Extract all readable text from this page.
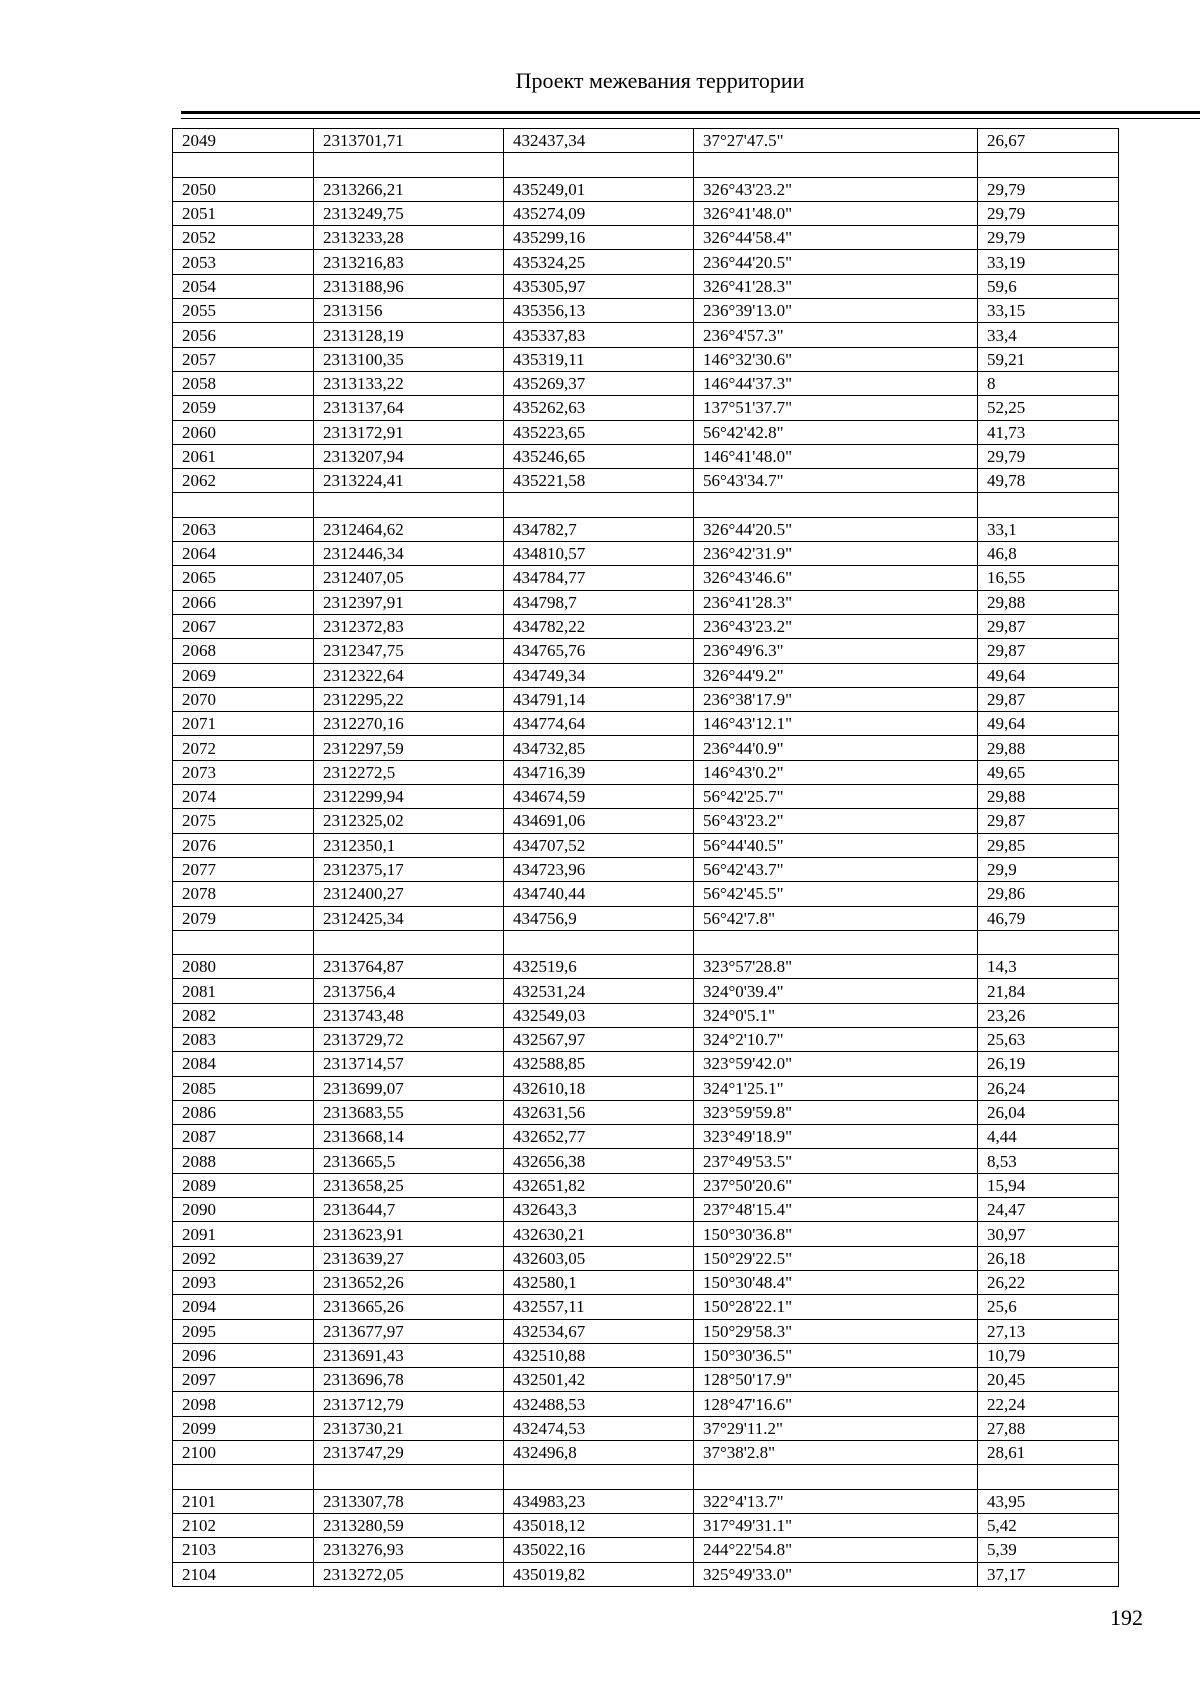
Проект межевания территории
2049	2313701,71	432437,34	37°27'47.5"	26,67

2050	2313266,21	435249,01	326°43'23.2"	29,79
2051	2313249,75	435274,09	326°41'48.0"	29,79
2052	2313233,28	435299,16	326°44'58.4"	29,79
2053	2313216,83	435324,25	236°44'20.5"	33,19
2054	2313188,96	435305,97	326°41'28.3"	59,6
2055	2313156	435356,13	236°39'13.0"	33,15
2056	2313128,19	435337,83	236°4'57.3"	33,4
2057	2313100,35	435319,11	146°32'30.6"	59,21
2058	2313133,22	435269,37	146°44'37.3"	8
2059	2313137,64	435262,63	137°51'37.7"	52,25
2060	2313172,91	435223,65	56°42'42.8"	41,73
2061	2313207,94	435246,65	146°41'48.0"	29,79
2062	2313224,41	435221,58	56°43'34.7"	49,78

2063	2312464,62	434782,7	326°44'20.5"	33,1
2064	2312446,34	434810,57	236°42'31.9"	46,8
2065	2312407,05	434784,77	326°43'46.6"	16,55
2066	2312397,91	434798,7	236°41'28.3"	29,88
2067	2312372,83	434782,22	236°43'23.2"	29,87
2068	2312347,75	434765,76	236°49'6.3"	29,87
2069	2312322,64	434749,34	326°44'9.2"	49,64
2070	2312295,22	434791,14	236°38'17.9"	29,87
2071	2312270,16	434774,64	146°43'12.1"	49,64
2072	2312297,59	434732,85	236°44'0.9"	29,88
2073	2312272,5	434716,39	146°43'0.2"	49,65
2074	2312299,94	434674,59	56°42'25.7"	29,88
2075	2312325,02	434691,06	56°43'23.2"	29,87
2076	2312350,1	434707,52	56°44'40.5"	29,85
2077	2312375,17	434723,96	56°42'43.7"	29,9
2078	2312400,27	434740,44	56°42'45.5"	29,86
2079	2312425,34	434756,9	56°42'7.8"	46,79

2080	2313764,87	432519,6	323°57'28.8"	14,3
2081	2313756,4	432531,24	324°0'39.4"	21,84
2082	2313743,48	432549,03	324°0'5.1"	23,26
2083	2313729,72	432567,97	324°2'10.7"	25,63
2084	2313714,57	432588,85	323°59'42.0"	26,19
2085	2313699,07	432610,18	324°1'25.1"	26,24
2086	2313683,55	432631,56	323°59'59.8"	26,04
2087	2313668,14	432652,77	323°49'18.9"	4,44
2088	2313665,5	432656,38	237°49'53.5"	8,53
2089	2313658,25	432651,82	237°50'20.6"	15,94
2090	2313644,7	432643,3	237°48'15.4"	24,47
2091	2313623,91	432630,21	150°30'36.8"	30,97
2092	2313639,27	432603,05	150°29'22.5"	26,18
2093	2313652,26	432580,1	150°30'48.4"	26,22
2094	2313665,26	432557,11	150°28'22.1"	25,6
2095	2313677,97	432534,67	150°29'58.3"	27,13
2096	2313691,43	432510,88	150°30'36.5"	10,79
2097	2313696,78	432501,42	128°50'17.9"	20,45
2098	2313712,79	432488,53	128°47'16.6"	22,24
2099	2313730,21	432474,53	37°29'11.2"	27,88
2100	2313747,29	432496,8	37°38'2.8"	28,61

2101	2313307,78	434983,23	322°4'13.7"	43,95
2102	2313280,59	435018,12	317°49'31.1"	5,42
2103	2313276,93	435022,16	244°22'54.8"	5,39
2104	2313272,05	435019,82	325°49'33.0"	37,17
192
